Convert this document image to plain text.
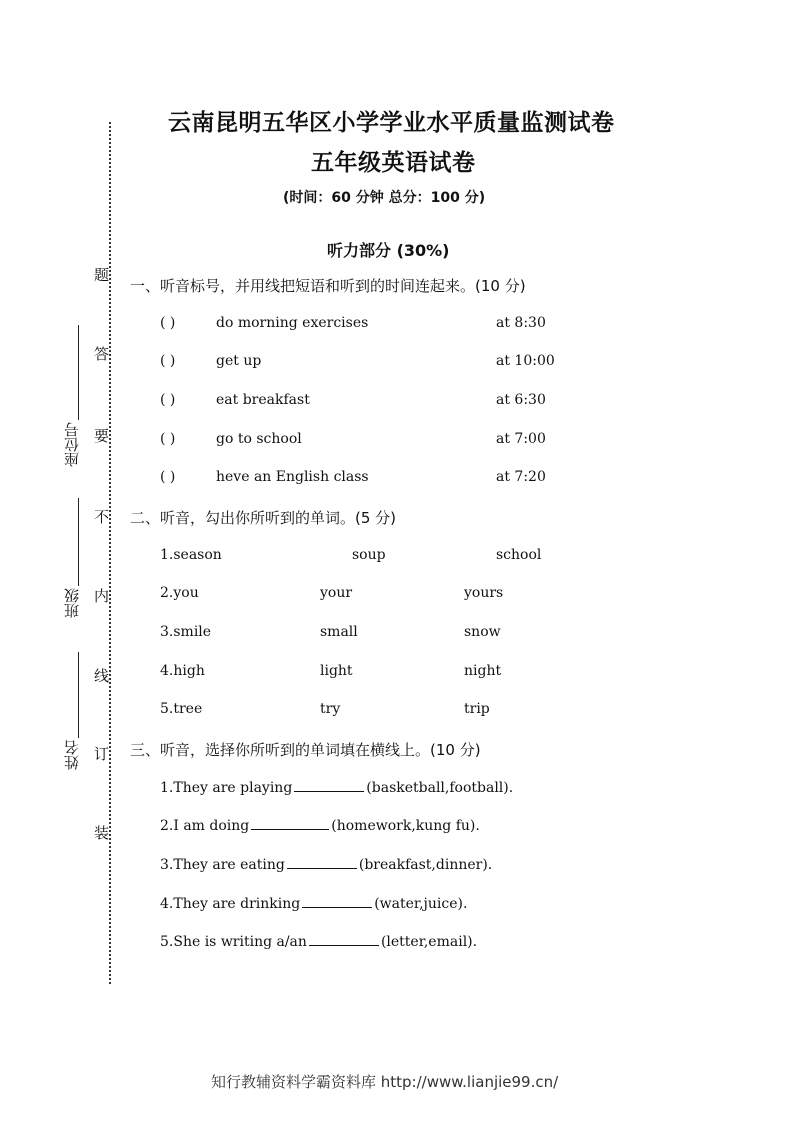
云南昆明五华区小学学业水平质量监测试卷
五年级英语试卷
(时间：60 分钟 总分：100 分)
听力部分 (30%)
题
答
要
不
内
线
订
装
座位号
班级
姓名
一、听音标号，并用线把短语和听到的时间连起来。(10 分)
( )	do morning exercises	at 8:30
( )	get up	at 10:00
( )	eat breakfast	at 6:30
( )	go to school	at 7:00
( )	heve an English class	at 7:20
二、听音，勾出你所听到的单词。(5 分)
1.season	soup	school
2.you	your	yours
3.smile	small	snow
4.high	light	night
5.tree	try	trip
三、听音，选择你所听到的单词填在横线上。(10 分)
1.They are playing	(basketball,football).
2.I am doing	(homework,kung fu).
3.They are eating	(breakfast,dinner).
4.They are drinking	(water,juice).
5.She is writing a/an	(letter,email).
知行教辅资料学霸资料库 http://www.lianjie99.cn/
